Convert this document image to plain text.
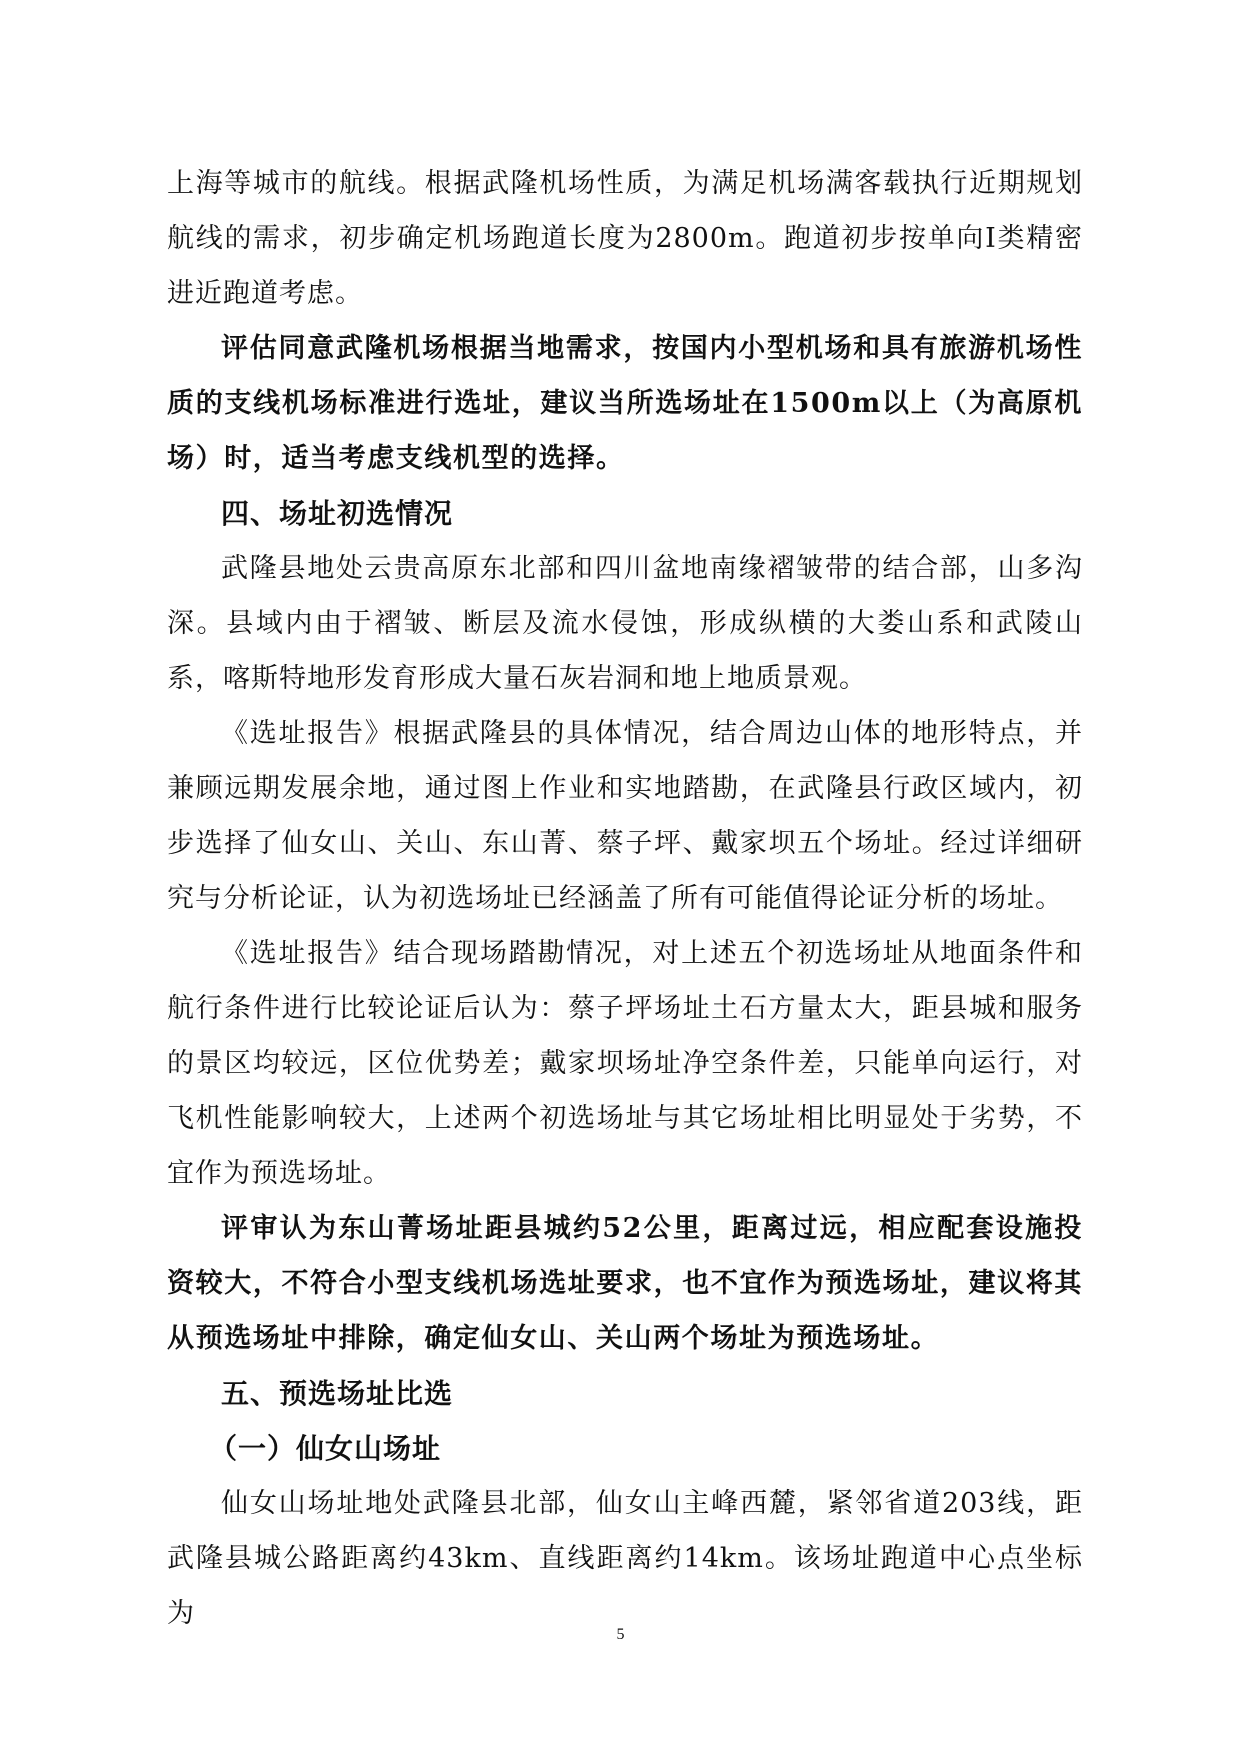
上海等城市的航线。根据武隆机场性质，为满足机场满客载执行近期规划航线的需求，初步确定机场跑道长度为2800m。跑道初步按单向Ⅰ类精密进近跑道考虑。

评估同意武隆机场根据当地需求，按国内小型机场和具有旅游机场性质的支线机场标准进行选址，建议当所选场址在1500m以上（为高原机场）时，适当考虑支线机型的选择。

四、场址初选情况

武隆县地处云贵高原东北部和四川盆地南缘褶皱带的结合部，山多沟深。县域内由于褶皱、断层及流水侵蚀，形成纵横的大娄山系和武陵山系，喀斯特地形发育形成大量石灰岩洞和地上地质景观。

《选址报告》根据武隆县的具体情况，结合周边山体的地形特点，并兼顾远期发展余地，通过图上作业和实地踏勘，在武隆县行政区域内，初步选择了仙女山、关山、东山菁、蔡子坪、戴家坝五个场址。经过详细研究与分析论证，认为初选场址已经涵盖了所有可能值得论证分析的场址。

《选址报告》结合现场踏勘情况，对上述五个初选场址从地面条件和航行条件进行比较论证后认为：蔡子坪场址土石方量太大，距县城和服务的景区均较远，区位优势差；戴家坝场址净空条件差，只能单向运行，对飞机性能影响较大，上述两个初选场址与其它场址相比明显处于劣势，不宜作为预选场址。

评审认为东山菁场址距县城约52公里，距离过远，相应配套设施投资较大，不符合小型支线机场选址要求，也不宜作为预选场址，建议将其从预选场址中排除，确定仙女山、关山两个场址为预选场址。

五、预选场址比选
（一）仙女山场址

仙女山场址地处武隆县北部，仙女山主峰西麓，紧邻省道203线，距武隆县城公路距离约43km、直线距离约14km。该场址跑道中心点坐标为

5
